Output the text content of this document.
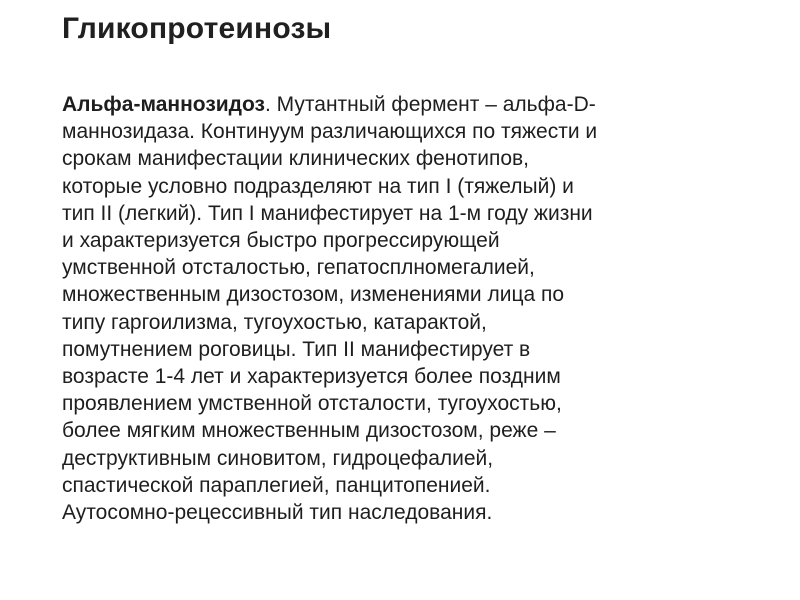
Гликопротеинозы
Альфа-маннозидоз. Мутантный фермент – альфа-D-
маннозидаза. Континуум различающихся по тяжести и
срокам манифестации клинических фенотипов,
которые условно подразделяют на тип I (тяжелый) и
тип II (легкий). Тип I манифестирует на 1-м году жизни
и характеризуется быстро прогрессирующей
умственной отсталостью, гепатосплномегалией,
множественным дизостозом, изменениями лица по
типу гаргоилизма, тугоухостью, катарактой,
помутнением роговицы. Тип II манифестирует в
возрасте 1-4 лет и характеризуется более поздним
проявлением умственной отсталости, тугоухостью,
более мягким множественным дизостозом, реже –
деструктивным синовитом, гидроцефалией,
спастической параплегией, панцитопенией.
Аутосомно-рецессивный тип наследования.
